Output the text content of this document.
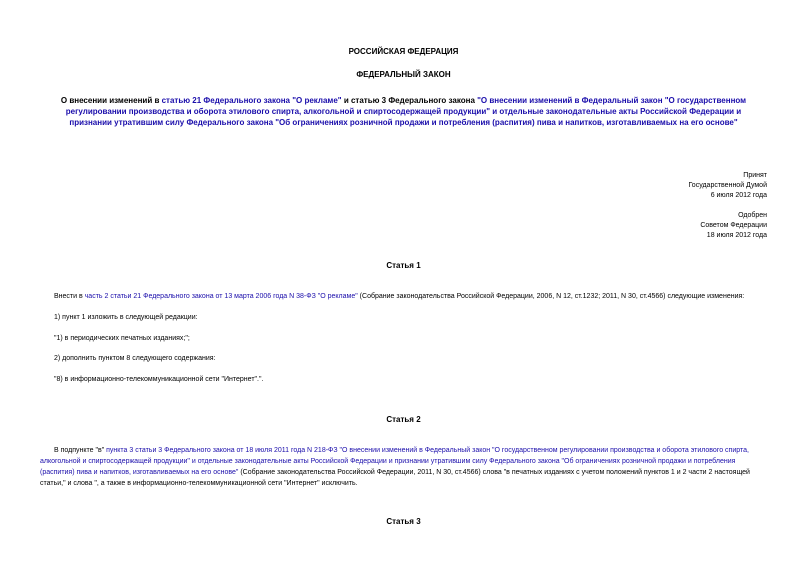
РОССИЙСКАЯ ФЕДЕРАЦИЯ
ФЕДЕРАЛЬНЫЙ ЗАКОН
О внесении изменений в статью 21 Федерального закона "О рекламе" и статью 3 Федерального закона "О внесении изменений в Федеральный закон "О государственном регулировании производства и оборота этилового спирта, алкогольной и спиртосодержащей продукции" и отдельные законодательные акты Российской Федерации и признании утратившим силу Федерального закона "Об ограничениях розничной продажи и потребления (распития) пива и напитков, изготавливаемых на его основе"
Принят
Государственной Думой
6 июля 2012 года
Одобрен
Советом Федерации
18 июля 2012 года
Статья 1
Внести в часть 2 статьи 21 Федерального закона от 13 марта 2006 года N 38-ФЗ "О рекламе" (Собрание законодательства Российской Федерации, 2006, N 12, ст.1232; 2011, N 30, ст.4566) следующие изменения:
1) пункт 1 изложить в следующей редакции:
"1) в периодических печатных изданиях;";
2) дополнить пунктом 8 следующего содержания:
"8) в информационно-телекоммуникационной сети "Интернет".".
Статья 2
В подпункте "в" пункта 3 статьи 3 Федерального закона от 18 июля 2011 года N 218-ФЗ "О внесении изменений в Федеральный закон "О государственном регулировании производства и оборота этилового спирта, алкогольной и спиртосодержащей продукции" и отдельные законодательные акты Российской Федерации и признании утратившим силу Федерального закона "Об ограничениях розничной продажи и потребления (распития) пива и напитков, изготавливаемых на его основе" (Собрание законодательства Российской Федерации, 2011, N 30, ст.4566) слова "в печатных изданиях с учетом положений пунктов 1 и 2 части 2 настоящей статьи," и слова ", а также в информационно-телекоммуникационной сети "Интернет" исключить.
Статья 3
